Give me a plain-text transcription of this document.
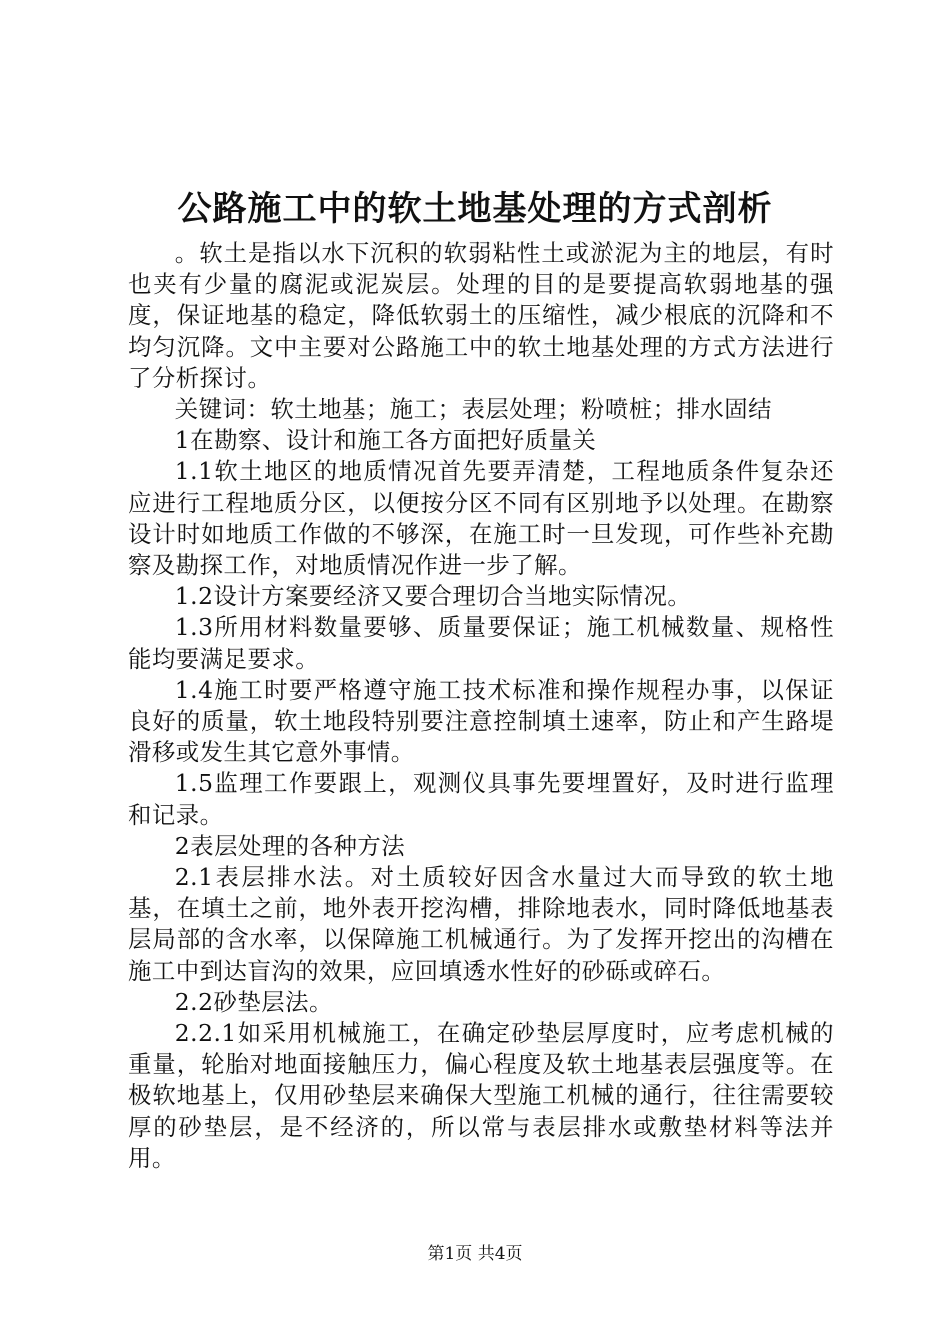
公路施工中的软土地基处理的方式剖析

。软土是指以水下沉积的软弱粘性土或淤泥为主的地层，有时也夹有少量的腐泥或泥炭层。处理的目的是要提高软弱地基的强度，保证地基的稳定，降低软弱土的压缩性，减少根底的沉降和不均匀沉降。文中主要对公路施工中的软土地基处理的方式方法进行了分析探讨。

关键词：软土地基；施工；表层处理；粉喷桩；排水固结

1在勘察、设计和施工各方面把好质量关

1.1软土地区的地质情况首先要弄清楚，工程地质条件复杂还应进行工程地质分区，以便按分区不同有区别地予以处理。在勘察设计时如地质工作做的不够深，在施工时一旦发现，可作些补充勘察及勘探工作，对地质情况作进一步了解。

1.2设计方案要经济又要合理切合当地实际情况。

1.3所用材料数量要够、质量要保证；施工机械数量、规格性能均要满足要求。

1.4施工时要严格遵守施工技术标准和操作规程办事，以保证良好的质量，软土地段特别要注意控制填土速率，防止和产生路堤滑移或发生其它意外事情。

1.5监理工作要跟上，观测仪具事先要埋置好，及时进行监理和记录。

2表层处理的各种方法

2.1表层排水法。对土质较好因含水量过大而导致的软土地基，在填土之前，地外表开挖沟槽，排除地表水，同时降低地基表层局部的含水率，以保障施工机械通行。为了发挥开挖出的沟槽在施工中到达盲沟的效果，应回填透水性好的砂砾或碎石。

2.2砂垫层法。

2.2.1如采用机械施工，在确定砂垫层厚度时，应考虑机械的重量，轮胎对地面接触压力，偏心程度及软土地基表层强度等。在极软地基上，仅用砂垫层来确保大型施工机械的通行，往往需要较厚的砂垫层，是不经济的，所以常与表层排水或敷垫材料等法并用。

第1页 共4页
